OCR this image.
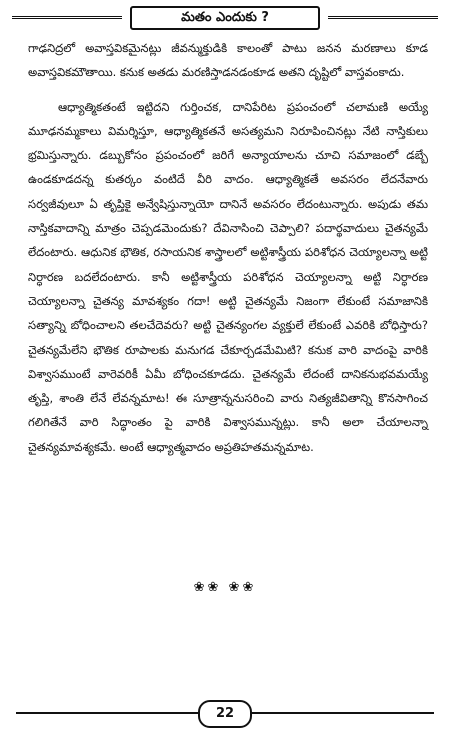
మతం ఎందుకు ?

గాఢనిద్రలో అవాస్తవికమైనట్లు జీవన్ముక్తుడికి కాలంతో పాటు జనన మరణాలు కూడ అవాస్తవికమౌతాయి. కనుక అతడు మరణిస్తాడనడంకూడ అతని దృష్టిలో వాస్తవంకాదు.

ఆధ్యాత్మికతంటే ఇట్టిదని గుర్తించక, దానిపేరిట ప్రపంచంలో చలామణి అయ్యే మూఢనమ్మకాలు విమర్శిస్తూ, ఆధ్యాత్మికతనే అసత్యమని నిరూపించినట్లు నేటి నాస్తికులు భ్రమిస్తున్నారు. డబ్బుకోసం ప్రపంచంలో జరిగే అన్యాయాలను చూచి సమాజంలో డబ్బే ఉండకూడదన్న కుతర్కం వంటిదే వీరి వాదం. ఆధ్యాత్మికతే అవసరం లేదనేవారు సర్వజీవులూ ఏ తృప్తికై అన్వేషిస్తున్నాయో దానినే అవసరం లేదంటున్నారు. అపుడు తమ నాస్తికవాదాన్ని మాత్రం చెప్పడమెందుకు? దేవినాసించి చెప్పాలి? పదార్థవాదులు చైతన్యమే లేదంటారు. ఆధునిక భౌతిక, రసాయనిక శాస్త్రాలలో అట్టిశాస్త్రీయ పరిశోధన చెయ్యాలన్నా అట్టి నిర్ధారణ బదలేదంటారు. కానీ అట్టిశాస్త్రీయ పరిశోధన చెయ్యాలన్నా అట్టి నిర్ధారణ చెయ్యాలన్నా చైతన్య మావశ్యకం గదా! అట్టి చైతన్యమే నిజంగా లేకుంటే సమాజానికి సత్యాన్ని బోధించాలని తలచేదెవరు? అట్టి చైతన్యంగల వ్యక్తులే లేకుంటే ఎవరికి బోధిస్తారు? చైతన్యమేలేని భౌతిక రూపాలకు మనుగడ చేకూర్చడమేమిటి? కనుక వారి వాదంపై వారికి విశ్వాసముంటే వారెవరికీ ఏమీ బోధించకూడదు. చైతన్యమే లేదంటే దానికనుభవమయ్యే తృప్తి, శాంతి లేనే లేవన్నమాట! ఈ సూత్రాన్ననుసరించి వారు నిత్యజీవితాన్ని కొనసాగించ గలిగితేనే వారి సిద్ధాంతం పై వారికి విశ్వాసమున్నట్లు. కానీ అలా చేయాలన్నా చైతన్యమావశ్యకమే. అంటే ఆధ్యాత్మవాదం అప్రతిహతమన్నమాట.

❀❀ ❀❀
22
